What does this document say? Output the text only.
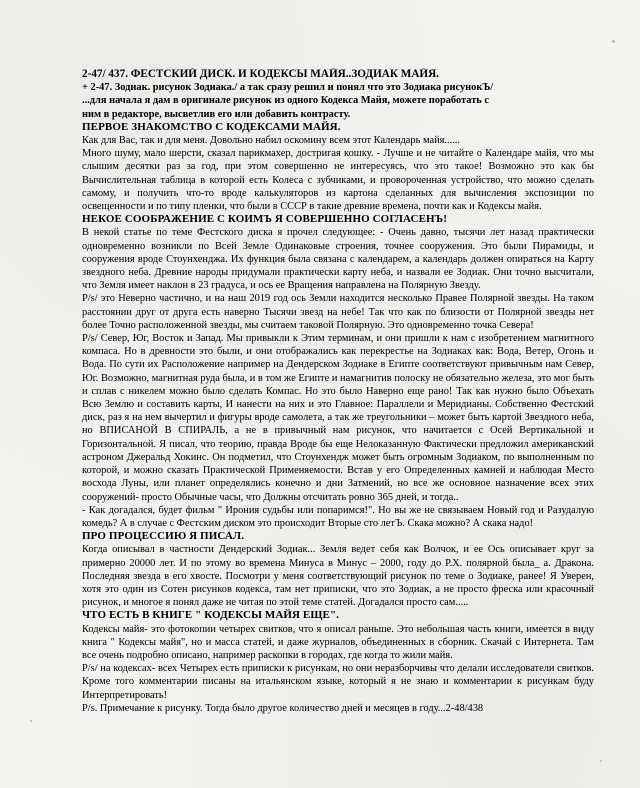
2-47/ 437. ФЕСТСКИЙ ДИСК. И КОДЕКСЫ МАЙЯ..ЗОДИАК МАЙЯ.
+ 2-47. Зодиак. рисунок Зодиака./ а так сразу решил и понял что это Зодиака рисунокЪ/
...для начала я дам в оригинале рисунок из одного Кодекса Майя, можете поработать с
ним в редакторе, высветлив его или добавить контрасту.
ПЕРВОЕ ЗНАКОМСТВО С КОДЕКСАМИ МАЙЯ.

Как для Вас, так и для меня. Довольно набил оскомину всем этот Календарь майя......

Много шуму, мало шерсти, сказал парикмахер, достригая кошку. - Лучше и не читайте о Календаре майя, что мы слышим десятки раз за год, при этом совершенно не интересуясь, что это такое! Возможно это как бы Вычислительная таблица в которой есть Колеса с зубчиками, и провороченная устройство, что можно сделать самому, и получить что-то вроде калькуляторов из картона сделанных для вычисления экспозиции по освещенности и по типу пленки, что были в СССР в такие древние времена, почти как и Кодексы майя.

НЕКОЕ СООБРАЖЕНИЕ С КОИМЪ Я СОВЕРШЕННО СОГЛАСЕНЪ!

В некой статье по теме Фестского диска я прочел следующее: - Очень давно, тысячи лет назад практически одновременно возникли по Всей Земле Одинаковые строения, точнее сооружения. Это были Пирамиды, и сооружения вроде Стоунхенджа. Их функция была связана с календарем, а календарь должен опираться на Карту звездного неба. Древние народы придумали практически карту неба, и назвали ее Зодиак. Они точно высчитали, что Земля имеет наклон в 23 градуса, и ось ее Вращения направлена на Полярную Звезду.

P/s/ это Неверно частично, и на наш 2019 год ось Земли находится несколько Правее Полярной звезды. На таком расстоянии друг от друга есть наверно Тысячи звезд на небе! Так что как по близости от Полярной звезды нет более Точно расположенной звезды, мы считаем таковой Полярную. Это одновременно точка Севера!

P/s/ Север, Юг, Восток и Запад. Мы привыкли к Этим терминам, и они пришли к нам с изобретением магнитного компаса. Но в древности это были, и они отображались как перекрестье на Зодиаках как: Вода, Ветер, Огонь и Вода. По сути их Расположение например на Дендерском Зодиаке в Египте соответствуют привычным нам Север, Юг. Возможно, магнитная руда была, и в том же Египте и намагнитив полоску не обязательно железа, это мог быть и сплав с никелем можно было сделать Компас. Но это было Наверно еще рано! Так как нужно было Объехать Всю Землю и составить карты, И нанести на них и это Главное: Параллели и Меридианы. Собственно Фестский диск, раз я на нем вычертил и фигуры вроде самолета, а так же треугольники – может быть картой Звездного неба, но ВПИСАНОЙ В СПИРАЛЬ, а не в привычный нам рисунок, что начитается с Осей Вертикальной и Горизонтальной. Я писал, что теорию, правда Вроде бы еще Нелоказанную Фактически предложил американский астроном Джеральд Хокинс. Он подметил, что Стоунхендж может быть огромным Зодиаком, по выполненным по которой, и можно сказать Практической Применяемости. Встав у его Определенных камней и наблюдая Место восхода Луны, или планет определялись конечно и дни Затмений, но все же основное назначение всех этих сооружений- просто Обычные часы, что Должны отсчитать ровно 365 дней, и тогда..

- Как догадался, будет фильм " Ирония судьбы или попаримся!". Но вы же не связываем Новый год и Разудалую комедь? А в случае с Фестским диском это происходит Вторые сто летЪ. Скака можно? А скака надо!

ПРО ПРОЦЕССИЮ Я ПИСАЛ.

Когда описывал в частности Дендерский Зодиак... Земля ведет себя как Волчок, и ее Ось описывает круг за примерно 20000 лет. И по этому во времена Минуса в Минус – 2000, году до Р.Х. полярной была_ а. Дракона. Последняя звезда в его хвосте. Посмотри у меня соответствующий рисунок по теме о Зодиаке, ранее! Я Уверен, хотя это один из Сотен рисунков кодекса, там нет приписки, что это Зодиак, а не просто фреска или красочный рисунок, и многое я понял даже не читая по этой теме статей. Догадался просто сам.....

ЧТО ЕСТЬ В КНИГЕ " КОДЕКСЫ МАЙЯ ЕЩЕ".

Кодексы майя- это фотокопии четырех свитков, что я описал раньше. Это небольшая часть книги, имеется в виду книга " Кодексы майя", но и масса статей, и даже журналов, объединенных в сборник. Скачай с Интернета. Там все очень подробно описано, например раскопки в городах, где когда то жили майя.

P/s/ на кодексах- всех Четырех есть приписки к рисункам, но они неразборчивы что делали исследователи свитков. Кроме того комментарии писаны на итальянском языке, который я не знаю и комментарии к рисункам буду Интерпретировать!

P/s. Примечание к рисунку. Тогда было другое количество дней и месяцев в году...2-48/438
